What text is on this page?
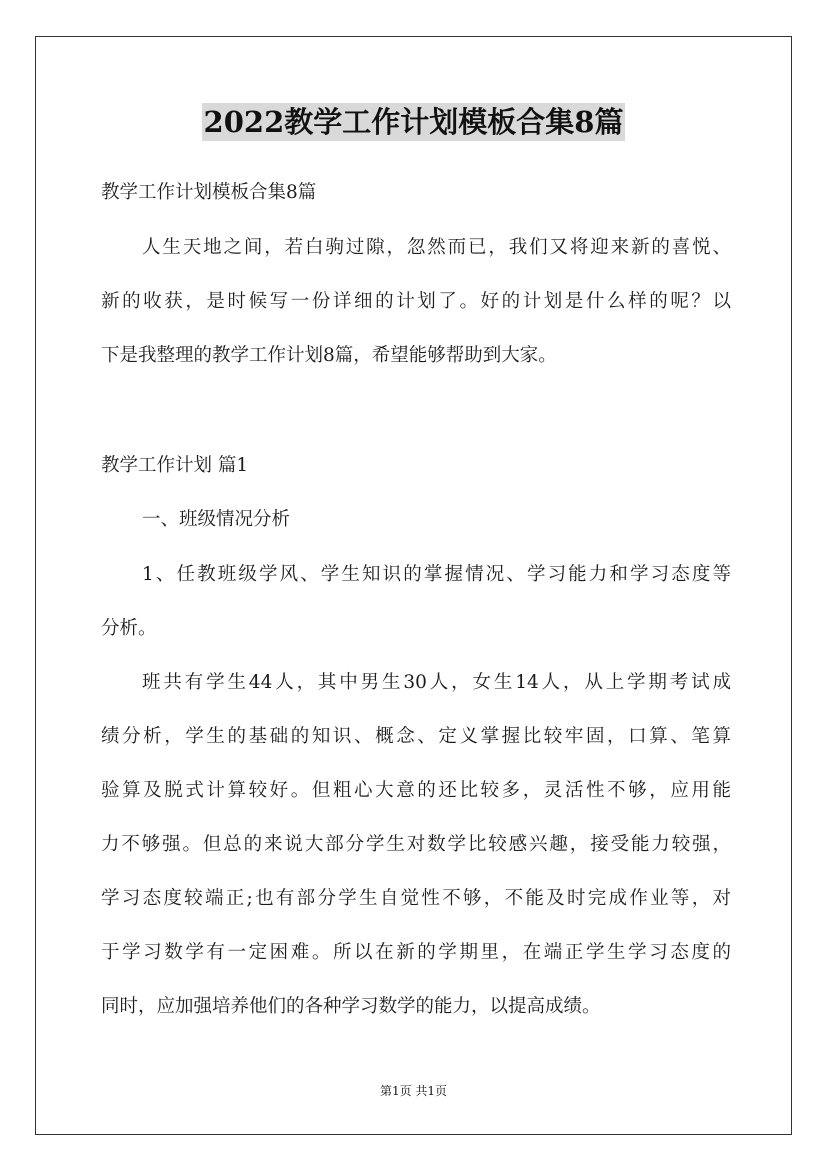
2022教学工作计划模板合集8篇
教学工作计划模板合集8篇
人生天地之间，若白驹过隙，忽然而已，我们又将迎来新的喜悦、
新的收获，是时候写一份详细的计划了。好的计划是什么样的呢？以
下是我整理的教学工作计划8篇，希望能够帮助到大家。
教学工作计划 篇1
一、班级情况分析
1、任教班级学风、学生知识的掌握情况、学习能力和学习态度等
分析。
班共有学生44人，其中男生30人，女生14人，从上学期考试成
绩分析，学生的基础的知识、概念、定义掌握比较牢固，口算、笔算
验算及脱式计算较好。但粗心大意的还比较多，灵活性不够，应用能
力不够强。但总的来说大部分学生对数学比较感兴趣，接受能力较强，
学习态度较端正;也有部分学生自觉性不够，不能及时完成作业等，对
于学习数学有一定困难。所以在新的学期里，在端正学生学习态度的
同时，应加强培养他们的各种学习数学的能力，以提高成绩。
第1页 共1页
